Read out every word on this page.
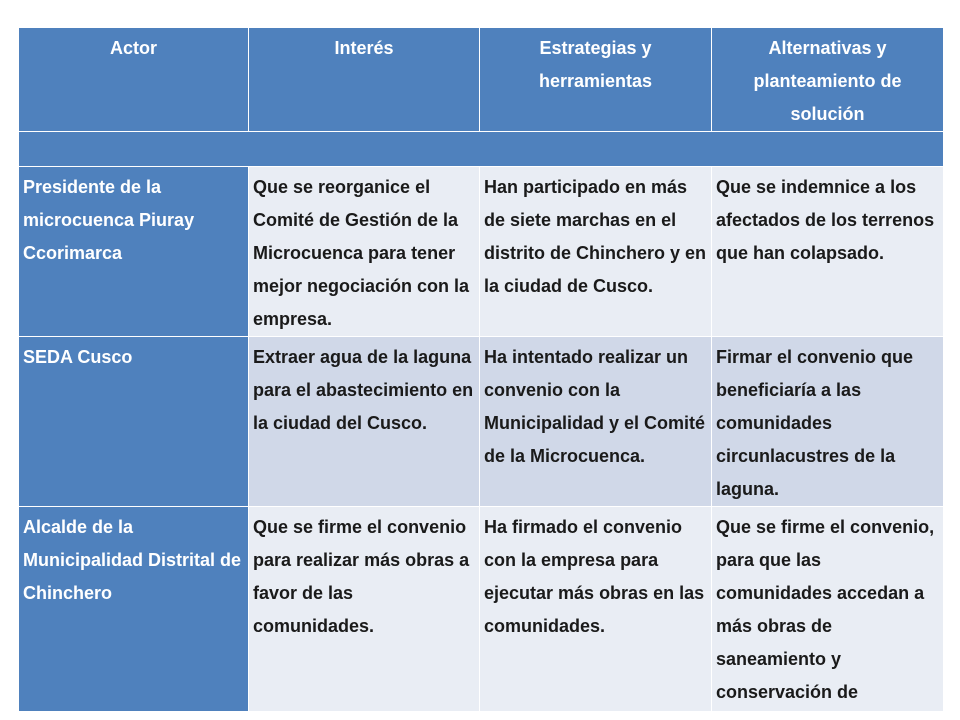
Actor	Interés	Estrategias y herramientas	Alternativas y planteamiento de solución

Presidente de la microcuenca Piuray Ccorimarca	Que se reorganice el Comité de Gestión de la Microcuenca para tener mejor negociación con la empresa.	Han participado en más de siete marchas en el distrito de Chinchero y en la ciudad de Cusco.	Que se indemnice a los afectados de los terrenos que han colapsado.
SEDA Cusco	Extraer agua de la laguna para el abastecimiento en la ciudad del Cusco.	Ha intentado realizar un convenio con la Municipalidad y el Comité de la Microcuenca.	Firmar el convenio que beneficiaría a las comunidades circunlacustres de la laguna.
Alcalde de la Municipalidad Distrital de Chinchero	Que se firme el convenio para realizar más obras a favor de las comunidades.	Ha firmado el convenio con la empresa para ejecutar más obras en las comunidades.	Que se firme el convenio, para que las comunidades accedan a más obras de saneamiento y conservación de
